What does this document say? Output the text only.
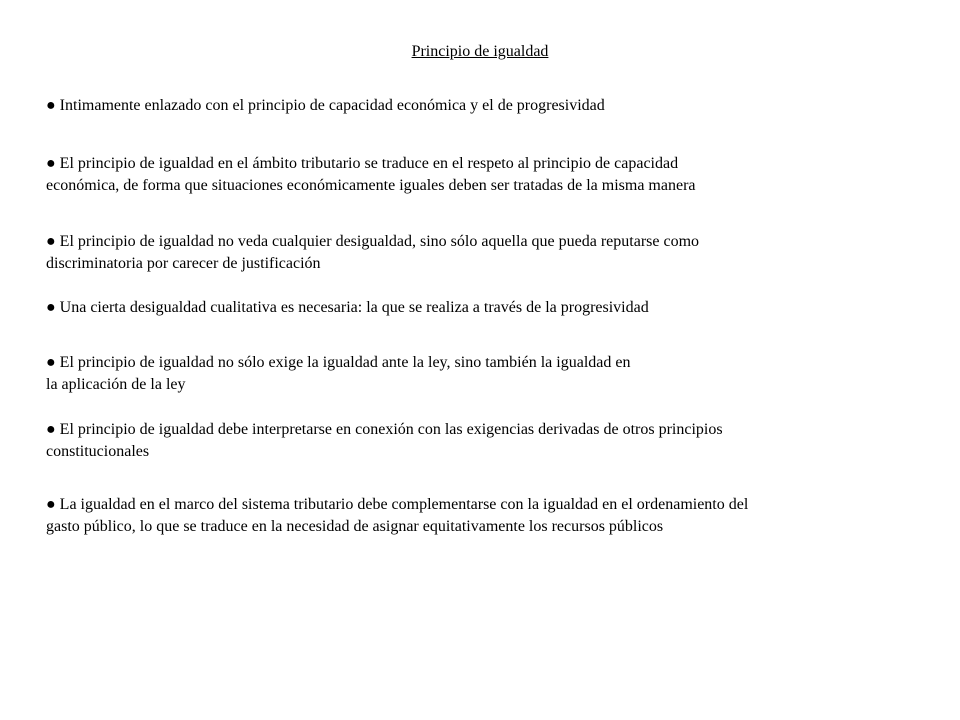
Principio de igualdad
● Intimamente enlazado con el principio de capacidad económica y el de progresividad
● El principio de igualdad en el ámbito tributario se traduce en el respeto al principio de capacidad
económica, de forma que situaciones económicamente iguales deben ser tratadas de la misma manera
● El principio de igualdad no veda cualquier desigualdad, sino sólo aquella que pueda reputarse como
discriminatoria por carecer de justificación
● Una cierta desigualdad cualitativa es necesaria: la que se realiza a través de la progresividad
● El principio de igualdad no sólo exige la igualdad ante la ley, sino también la igualdad en
la aplicación de la ley
● El principio de igualdad debe interpretarse en conexión con las exigencias derivadas de otros principios
constitucionales
● La igualdad en el marco del sistema tributario debe complementarse con la igualdad en el ordenamiento del
gasto público, lo que se traduce en la necesidad de asignar equitativamente los recursos públicos
